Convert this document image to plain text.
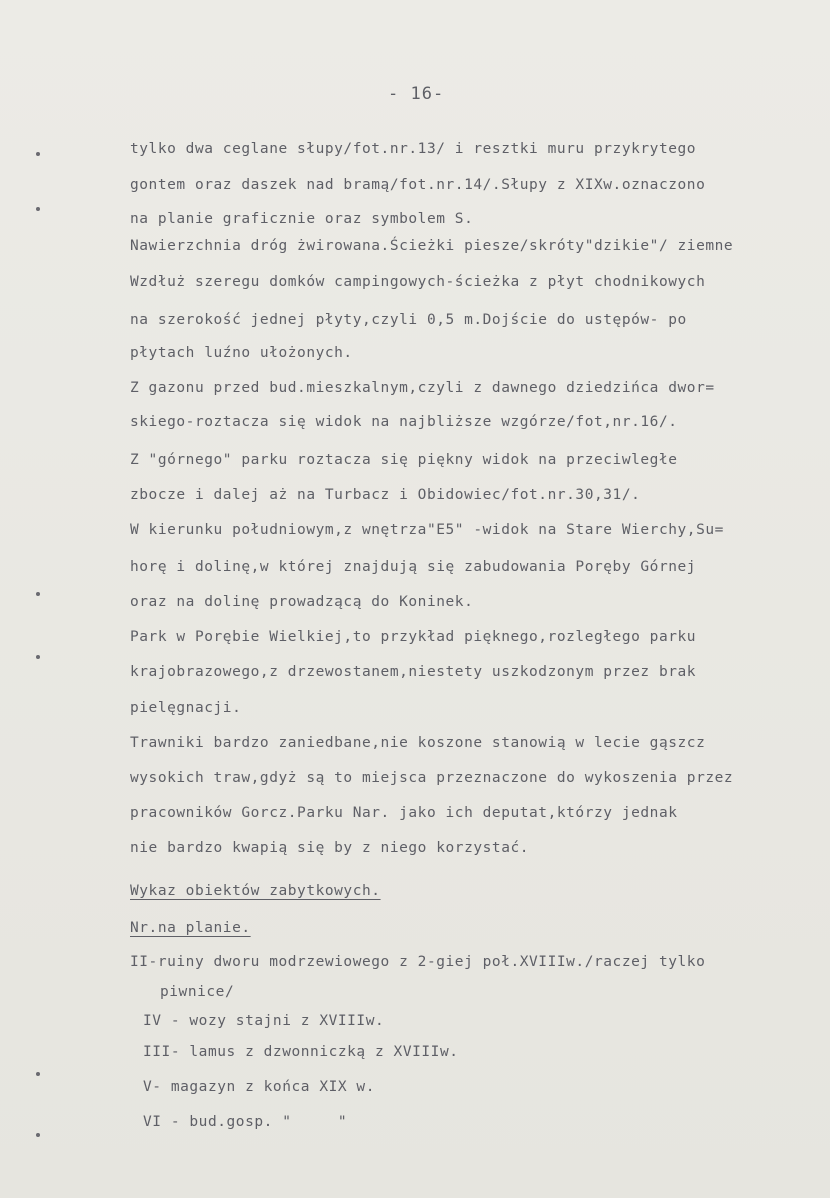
- 16-
tylko dwa ceglane słupy/fot.nr.13/ i resztki muru przykrytego
gontem oraz daszek nad bramą/fot.nr.14/.Słupy z XIXw.oznaczono
na planie graficznie oraz symbolem S.
Nawierzchnia dróg żwirowana.Ścieżki piesze/skróty"dzikie"/ ziemne
Wzdłuż szeregu domków campingowych-ścieżka z płyt chodnikowych
na szerokość jednej płyty,czyli 0,5 m.Dojście do ustępów- po
płytach luźno ułożonych.
Z gazonu przed bud.mieszkalnym,czyli z dawnego dziedzińca dwor=
skiego-roztacza się widok na najbliższe wzgórze/fot,nr.16/.
Z "górnego" parku roztacza się piękny widok na przeciwległe
zbocze i dalej aż na Turbacz i Obidowiec/fot.nr.30,31/.
W kierunku południowym,z wnętrza"E5" -widok na Stare Wierchy,Su=
horę i dolinę,w której znajdują się zabudowania Poręby Górnej
oraz na dolinę prowadzącą do Koninek.
Park w Porębie Wielkiej,to przykład pięknego,rozległego parku
krajobrazowego,z drzewostanem,niestety uszkodzonym przez brak
pielęgnacji.
Trawniki bardzo zaniedbane,nie koszone stanowią w lecie gąszcz
wysokich traw,gdyż są to miejsca przeznaczone do wykoszenia przez
pracowników Gorcz.Parku Nar. jako ich deputat,którzy jednak
nie bardzo kwapią się by z niego korzystać.
Wykaz obiektów zabytkowych.
Nr.na planie.
II-ruiny dworu modrzewiowego z 2-giej poł.XVIIIw./raczej tylko
piwnice/
IV - wozy stajni z XVIIIw.
III- lamus z dzwonniczką z XVIIIw.
V- magazyn z końca XIX w.
VI - bud.gosp. "     "
